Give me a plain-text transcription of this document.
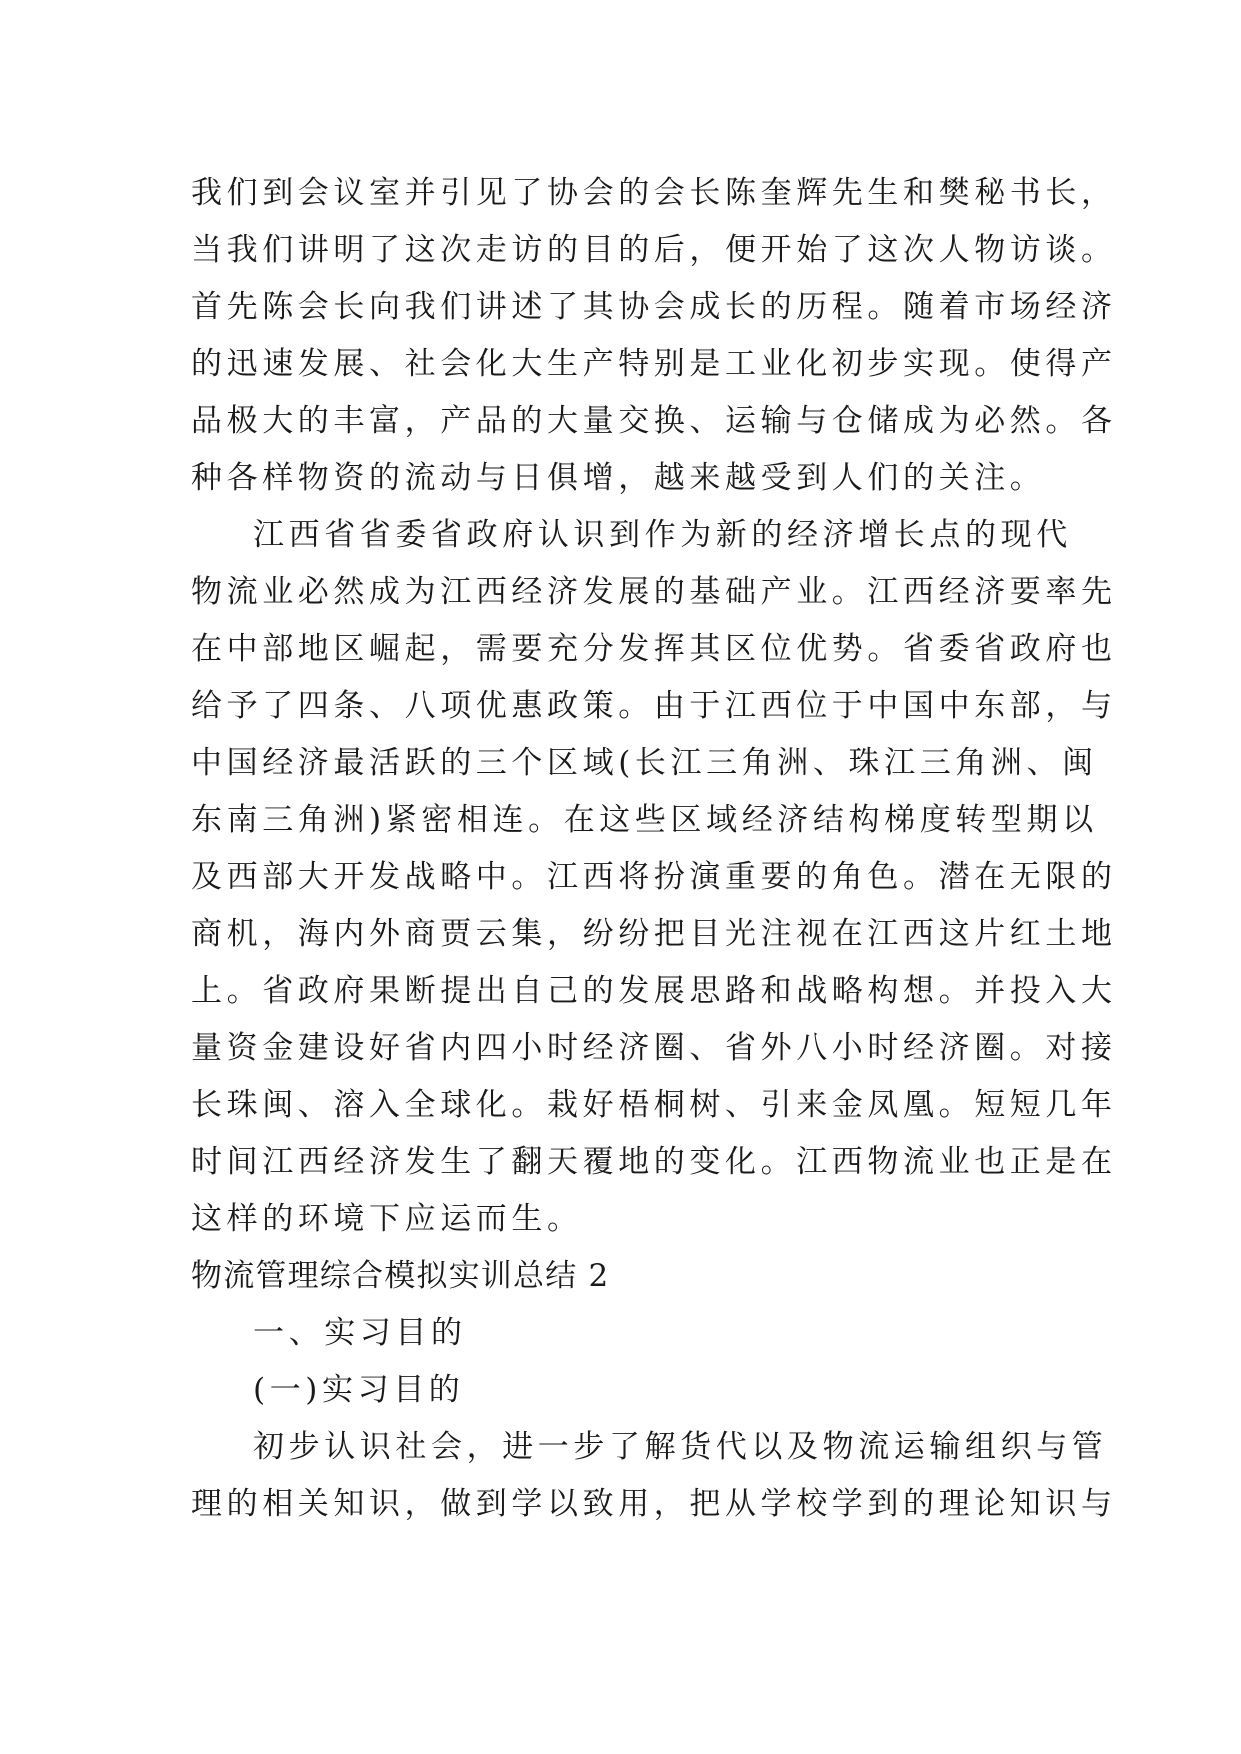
我们到会议室并引见了协会的会长陈奎辉先生和樊秘书长，
当我们讲明了这次走访的目的后，便开始了这次人物访谈。
首先陈会长向我们讲述了其协会成长的历程。随着市场经济
的迅速发展、社会化大生产特别是工业化初步实现。使得产
品极大的丰富，产品的大量交换、运输与仓储成为必然。各
种各样物资的流动与日俱增，越来越受到人们的关注。
江西省省委省政府认识到作为新的经济增长点的现代
物流业必然成为江西经济发展的基础产业。江西经济要率先
在中部地区崛起，需要充分发挥其区位优势。省委省政府也
给予了四条、八项优惠政策。由于江西位于中国中东部，与
中国经济最活跃的三个区域(长江三角洲、珠江三角洲、闽
东南三角洲)紧密相连。在这些区域经济结构梯度转型期以
及西部大开发战略中。江西将扮演重要的角色。潜在无限的
商机，海内外商贾云集，纷纷把目光注视在江西这片红土地
上。省政府果断提出自己的发展思路和战略构想。并投入大
量资金建设好省内四小时经济圈、省外八小时经济圈。对接
长珠闽、溶入全球化。栽好梧桐树、引来金凤凰。短短几年
时间江西经济发生了翻天覆地的变化。江西物流业也正是在
这样的环境下应运而生。
物流管理综合模拟实训总结 2
一、实习目的
(一)实习目的
初步认识社会，进一步了解货代以及物流运输组织与管
理的相关知识，做到学以致用，把从学校学到的理论知识与
